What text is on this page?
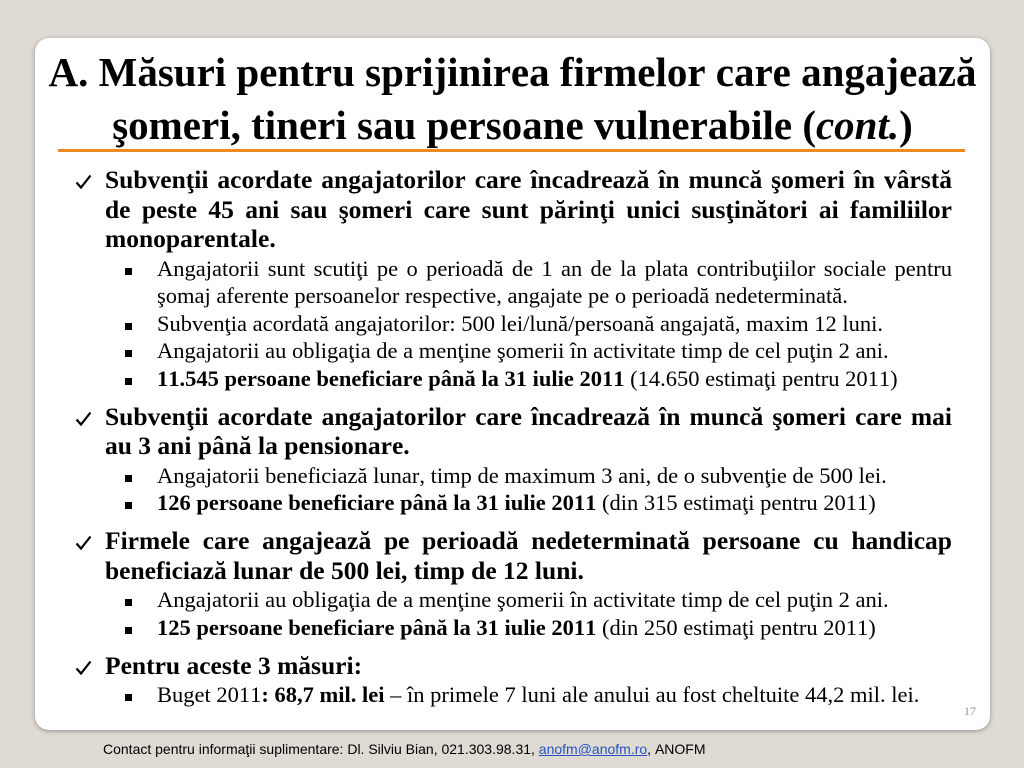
A. Măsuri pentru sprijinirea firmelor care angajează
şomeri, tineri sau persoane vulnerabile (cont.)
Subvenţii acordate angajatorilor care încadrează în muncă şomeri în vârstă de peste 45 ani sau şomeri care sunt părinţi unici susţinători ai familiilor monoparentale.
Angajatorii sunt scutiţi pe o perioadă de 1 an de la plata contribuţiilor sociale pentru şomaj aferente persoanelor respective, angajate pe o perioadă nedeterminată.
Subvenţia acordată angajatorilor: 500 lei/lună/persoană angajată, maxim 12 luni.
Angajatorii au obligaţia de a menţine şomerii în activitate timp de cel puţin 2 ani.
11.545 persoane beneficiare până la 31 iulie 2011 (14.650 estimaţi pentru 2011)
Subvenţii acordate angajatorilor care încadrează în muncă şomeri care mai au 3 ani până la pensionare.
Angajatorii beneficiază lunar, timp de maximum 3 ani, de o subvenţie de 500 lei.
126 persoane beneficiare până la 31 iulie 2011 (din 315 estimaţi pentru 2011)
Firmele care angajează pe perioadă nedeterminată persoane cu handicap beneficiază lunar de 500 lei, timp de 12 luni.
Angajatorii au obligaţia de a menţine şomerii în activitate timp de cel puţin 2 ani.
125 persoane beneficiare până la 31 iulie 2011 (din 250 estimaţi pentru 2011)
Pentru aceste 3 măsuri:
Buget 2011: 68,7 mil. lei – în primele 7 luni ale anului au fost cheltuite 44,2 mil. lei.
17
Contact pentru informaţii suplimentare: Dl. Silviu Bian, 021.303.98.31, anofm@anofm.ro, ANOFM
